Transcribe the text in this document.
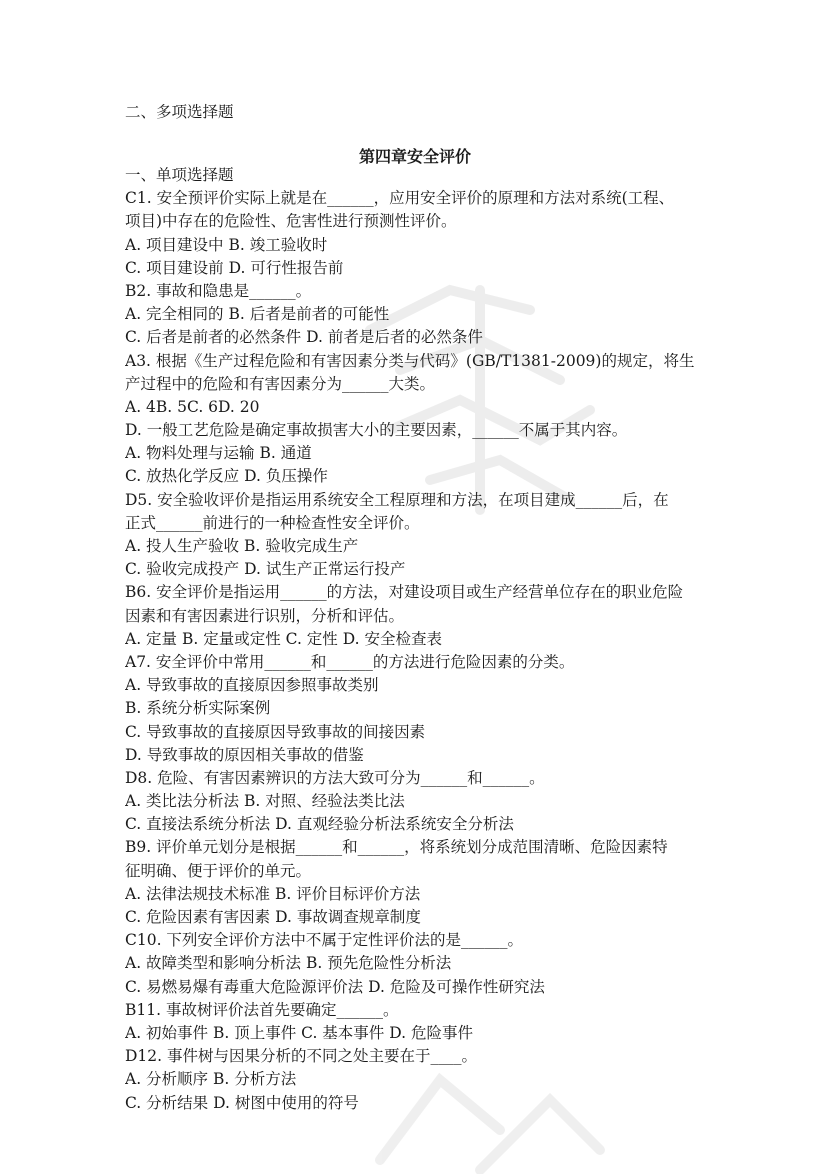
二、多项选择题
第四章安全评价
一、单项选择题
C1. 安全预评价实际上就是在______，应用安全评价的原理和方法对系统(工程、
项目)中存在的危险性、危害性进行预测性评价。
A. 项目建设中 B. 竣工验收时
C. 项目建设前 D. 可行性报告前
B2. 事故和隐患是______。
A. 完全相同的 B. 后者是前者的可能性
C. 后者是前者的必然条件 D. 前者是后者的必然条件
A3. 根据《生产过程危险和有害因素分类与代码》(GB/T1381-2009)的规定，将生
产过程中的危险和有害因素分为______大类。
A. 4B. 5C. 6D. 20
D. 一般工艺危险是确定事故损害大小的主要因素，______不属于其内容。
A. 物料处理与运输 B. 通道
C. 放热化学反应 D. 负压操作
D5. 安全验收评价是指运用系统安全工程原理和方法，在项目建成______后，在
正式______前进行的一种检查性安全评价。
A. 投人生产验收 B. 验收完成生产
C. 验收完成投产 D. 试生产正常运行投产
B6. 安全评价是指运用______的方法，对建设项目或生产经营单位存在的职业危险
因素和有害因素进行识别，分析和评估。
A. 定量 B. 定量或定性 C. 定性 D. 安全检查表
A7. 安全评价中常用______和______的方法进行危险因素的分类。
A. 导致事故的直接原因参照事故类别
B. 系统分析实际案例
C. 导致事故的直接原因导致事故的间接因素
D. 导致事故的原因相关事故的借鉴
D8. 危险、有害因素辨识的方法大致可分为______和______。
A. 类比法分析法 B. 对照、经验法类比法
C. 直接法系统分析法 D. 直观经验分析法系统安全分析法
B9. 评价单元划分是根据______和______，将系统划分成范围清晰、危险因素特
征明确、便于评价的单元。
A. 法律法规技术标准 B. 评价目标评价方法
C. 危险因素有害因素 D. 事故调查规章制度
C10. 下列安全评价方法中不属于定性评价法的是______。
A. 故障类型和影响分析法 B. 预先危险性分析法
C. 易燃易爆有毒重大危险源评价法 D. 危险及可操作性研究法
B11. 事故树评价法首先要确定______。
A. 初始事件 B. 顶上事件 C. 基本事件 D. 危险事件
D12. 事件树与因果分析的不同之处主要在于____。
A. 分析顺序 B. 分析方法
C. 分析结果 D. 树图中使用的符号
